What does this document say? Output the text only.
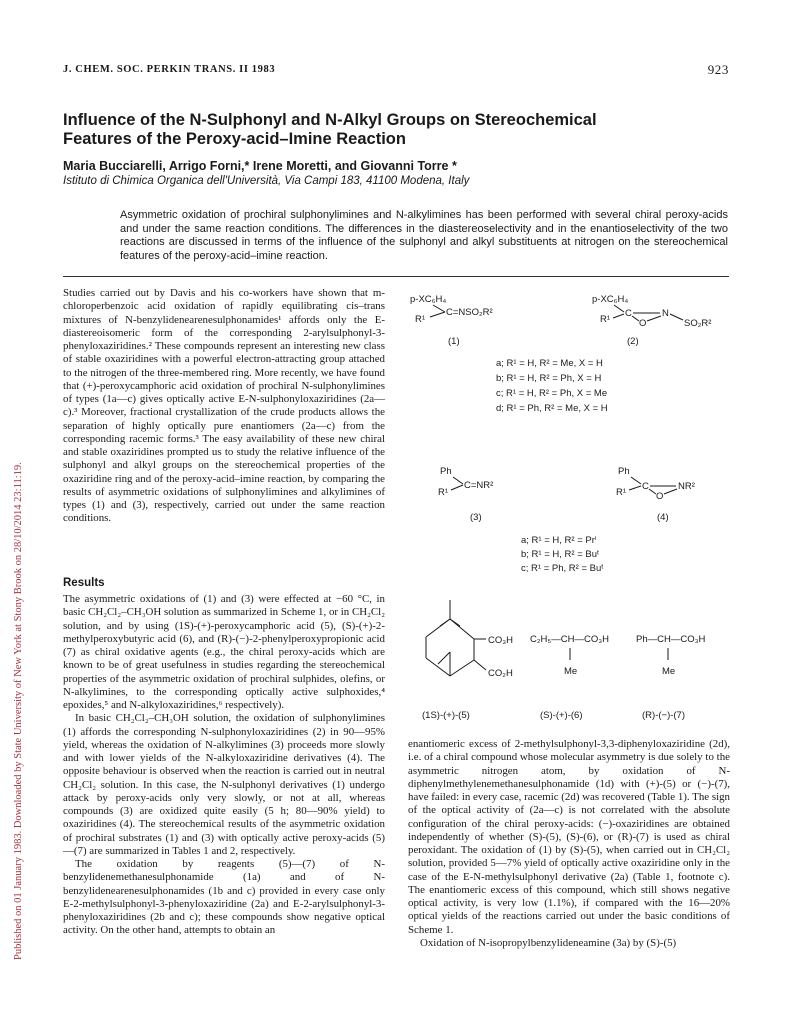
Published on 01 January 1983. Downloaded by State University of New York at Stony Brook on 28/10/2014 23:11:19.
J. CHEM. SOC. PERKIN TRANS. II 1983	923
Influence of the N-Sulphonyl and N-Alkyl Groups on Stereochemical
Features of the Peroxy-acid–Imine Reaction
Maria Bucciarelli, Arrigo Forni,* Irene Moretti, and Giovanni Torre *
Istituto di Chimica Organica dell'Università, Via Campi 183, 41100 Modena, Italy
Asymmetric oxidation of prochiral sulphonylimines and N-alkylimines has been performed with several chiral peroxy-acids and under the same reaction conditions. The differences in the diastereoselectivity and in the enantioselectivity of the two reactions are discussed in terms of the influence of the sulphonyl and alkyl substituents at nitrogen on the stereochemical features of the peroxy-acid–imine reaction.

Studies carried out by Davis and his co-workers have shown that m-chloroperbenzoic acid oxidation of rapidly equilibrating cis–trans mixtures of N-benzylidenearenesulphonamides¹ affords only the E-diastereoisomeric form of the corresponding 2-arylsulphonyl-3-phenyloxaziridines.² These compounds represent an interesting new class of stable oxaziridines with a powerful electron-attracting group attached to the nitrogen of the three-membered ring. More recently, we have found that (+)-peroxycamphoric acid oxidation of prochiral N-sulphonylimines of types (1a—c) gives optically active E-N-sulphonyloxaziridines (2a—c).³ Moreover, fractional crystallization of the crude products allows the separation of highly optically pure enantiomers (2a—c) from the corresponding racemic forms.³ The easy availability of these new chiral and stable oxaziridines prompted us to study the relative influence of the sulphonyl and alkyl groups on the stereochemical properties of the oxaziridine ring and of the peroxy-acid–imine reaction, by comparing the results of asymmetric oxidations of sulphonylimines and alkylimines of types (1) and (3), respectively, carried out under the same reaction conditions.

Results

The asymmetric oxidations of (1) and (3) were effected at −60 °C, in basic CH₂Cl₂–CH₃OH solution as summarized in Scheme 1, or in CH₂Cl₂ solution, and by using (1S)-(+)-peroxycamphoric acid (5), (S)-(+)-2-methylperoxybutyric acid (6), and (R)-(−)-2-phenylperoxypropionic acid (7) as chiral oxidative agents (e.g., the chiral peroxy-acids which are known to be of great usefulness in studies regarding the stereochemical properties of the asymmetric oxidation of prochiral sulphides, olefins, or N-alkylimines, to the corresponding optically active sulphoxides,⁴ epoxides,⁵ and N-alkyloxaziridines,⁶ respectively).

In basic CH₂Cl₂–CH₃OH solution, the oxidation of sulphonylimines (1) affords the corresponding N-sulphonyloxaziridines (2) in 90—95% yield, whereas the oxidation of N-alkylimines (3) proceeds more slowly and with lower yields of the N-alkyloxaziridine derivatives (4). The opposite behaviour is observed when the reaction is carried out in neutral CH₂Cl₂ solution. In this case, the N-sulphonyl derivatives (1) undergo attack by peroxy-acids only very slowly, or not at all, whereas compounds (3) are oxidized quite easily (5 h; 80—90% yield) to oxaziridines (4). The stereochemical results of the asymmetric oxidation of prochiral substrates (1) and (3) with optically active peroxy-acids (5)—(7) are summarized in Tables 1 and 2, respectively.

The oxidation by reagents (5)—(7) of N-benzylidenemethanesulphonamide (1a) and of N-benzylidenearenesulphonamides (1b and c) provided in every case only E-2-methylsulphonyl-3-phenyloxaziridine (2a) and E-2-arylsulphonyl-3-phenyloxaziridines (2b and c); these compounds show negative optical activity. On the other hand, attempts to obtain an

p-XC₆H₄
R¹
C=NSO₂R²
(1)
p-XC₆H₄
R¹
C
O
N
SO₂R²
(2)
a; R¹ = H, R² = Me, X = H
b; R¹ = H, R² = Ph, X = H
c; R¹ = H, R² = Ph, X = Me
d; R¹ = Ph, R² = Me, X = H
Ph
R¹
C=NR²
(3)
Ph
R¹
C
O
NR²
(4)
a; R¹ = H, R² = Prⁱ
b; R¹ = H, R² = Buᵗ
c; R¹ = Ph, R² = Buᵗ
CO₃H
CO₂H
(1S)-(+)-(5)
C₂H₅—CH—CO₃H
Me
(S)-(+)-(6)
Ph—CH—CO₃H
Me
(R)-(−)-(7)

enantiomeric excess of 2-methylsulphonyl-3,3-diphenyloxaziridine (2d), i.e. of a chiral compound whose molecular asymmetry is due solely to the asymmetric nitrogen atom, by oxidation of N-diphenylmethylenemethanesulphonamide (1d) with (+)-(5) or (−)-(7), have failed: in every case, racemic (2d) was recovered (Table 1). The sign of the optical activity of (2a—c) is not correlated with the absolute configuration of the chiral peroxy-acids: (−)-oxaziridines are obtained independently of whether (S)-(5), (S)-(6), or (R)-(7) is used as chiral peroxidant. The oxidation of (1) by (S)-(5), when carried out in CH₂Cl₂ solution, provided 5—7% yield of optically active oxaziridine only in the case of the E-N-methylsulphonyl derivative (2a) (Table 1, footnote c). The enantiomeric excess of this compound, which still shows negative optical activity, is very low (1.1%), if compared with the 16—20% optical yields of the reactions carried out under the basic conditions of Scheme 1.

Oxidation of N-isopropylbenzylideneamine (3a) by (S)-(5)
